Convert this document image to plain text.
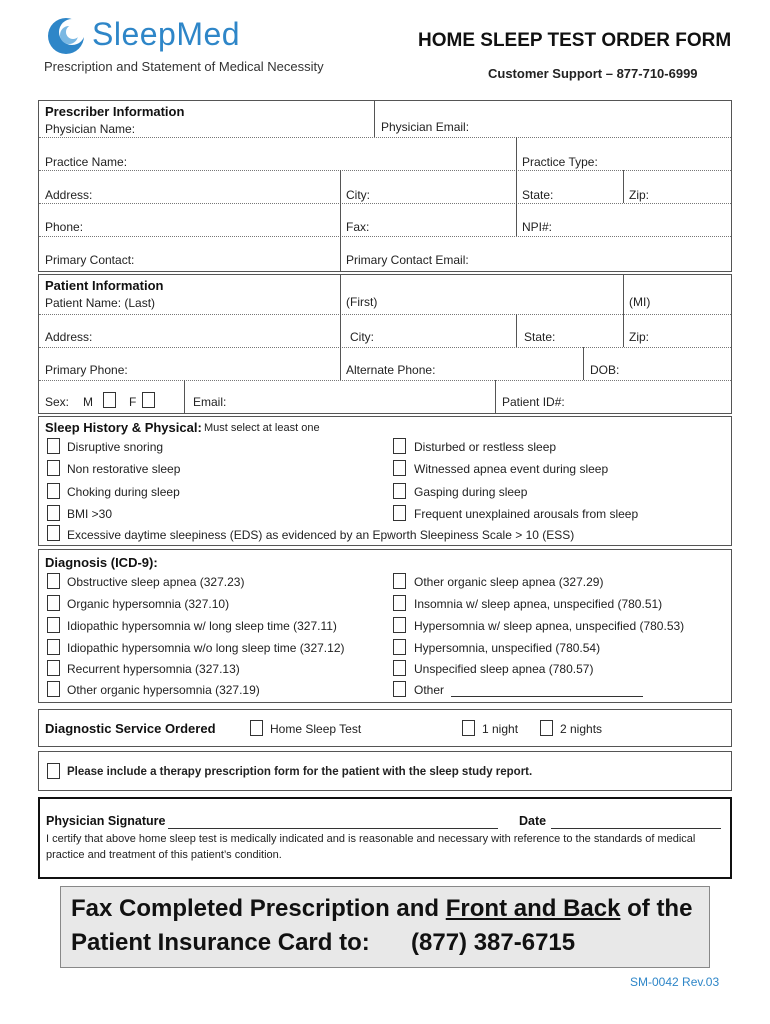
SleepMed
Prescription and Statement of Medical Necessity
HOME SLEEP TEST ORDER FORM
Customer Support – 877-710-6999
Prescriber Information
Physician Name:	Physician Email:
Practice Name:	Practice Type:
Address:	City:	State:	Zip:
Phone:	Fax:	NPI#:
Primary Contact:	Primary Contact Email:
Patient Information
Patient Name: (Last)	(First)	(MI)
Address:	City:	State:	Zip:
Primary Phone:	Alternate Phone:	DOB:
Sex: M	F	Email:	Patient ID#:
Sleep History & Physical: Must select at least one
Disruptive snoring
Non restorative sleep
Choking during sleep
BMI >30
Disturbed or restless sleep
Witnessed apnea event during sleep
Gasping during sleep
Frequent unexplained arousals from sleep
Excessive daytime sleepiness (EDS) as evidenced by an Epworth Sleepiness Scale > 10 (ESS)
Diagnosis (ICD-9):
Obstructive sleep apnea (327.23)
Organic hypersomnia (327.10)
Idiopathic hypersomnia w/ long sleep time (327.11)
Idiopathic hypersomnia w/o long sleep time (327.12)
Recurrent hypersomnia (327.13)
Other organic hypersomnia (327.19)
Other organic sleep apnea (327.29)
Insomnia w/ sleep apnea, unspecified (780.51)
Hypersomnia w/ sleep apnea, unspecified (780.53)
Hypersomnia, unspecified (780.54)
Unspecified sleep apnea (780.57)
Other
Diagnostic Service Ordered	Home Sleep Test	1 night	2 nights
Please include a therapy prescription form for the patient with the sleep study report.
Physician Signature	Date
I certify that above home sleep test is medically indicated and is reasonable and necessary with reference to the standards of medical practice and treatment of this patient’s condition.
Fax Completed Prescription and Front and Back of the
Patient Insurance Card to: (877) 387-6715
SM-0042 Rev.03
